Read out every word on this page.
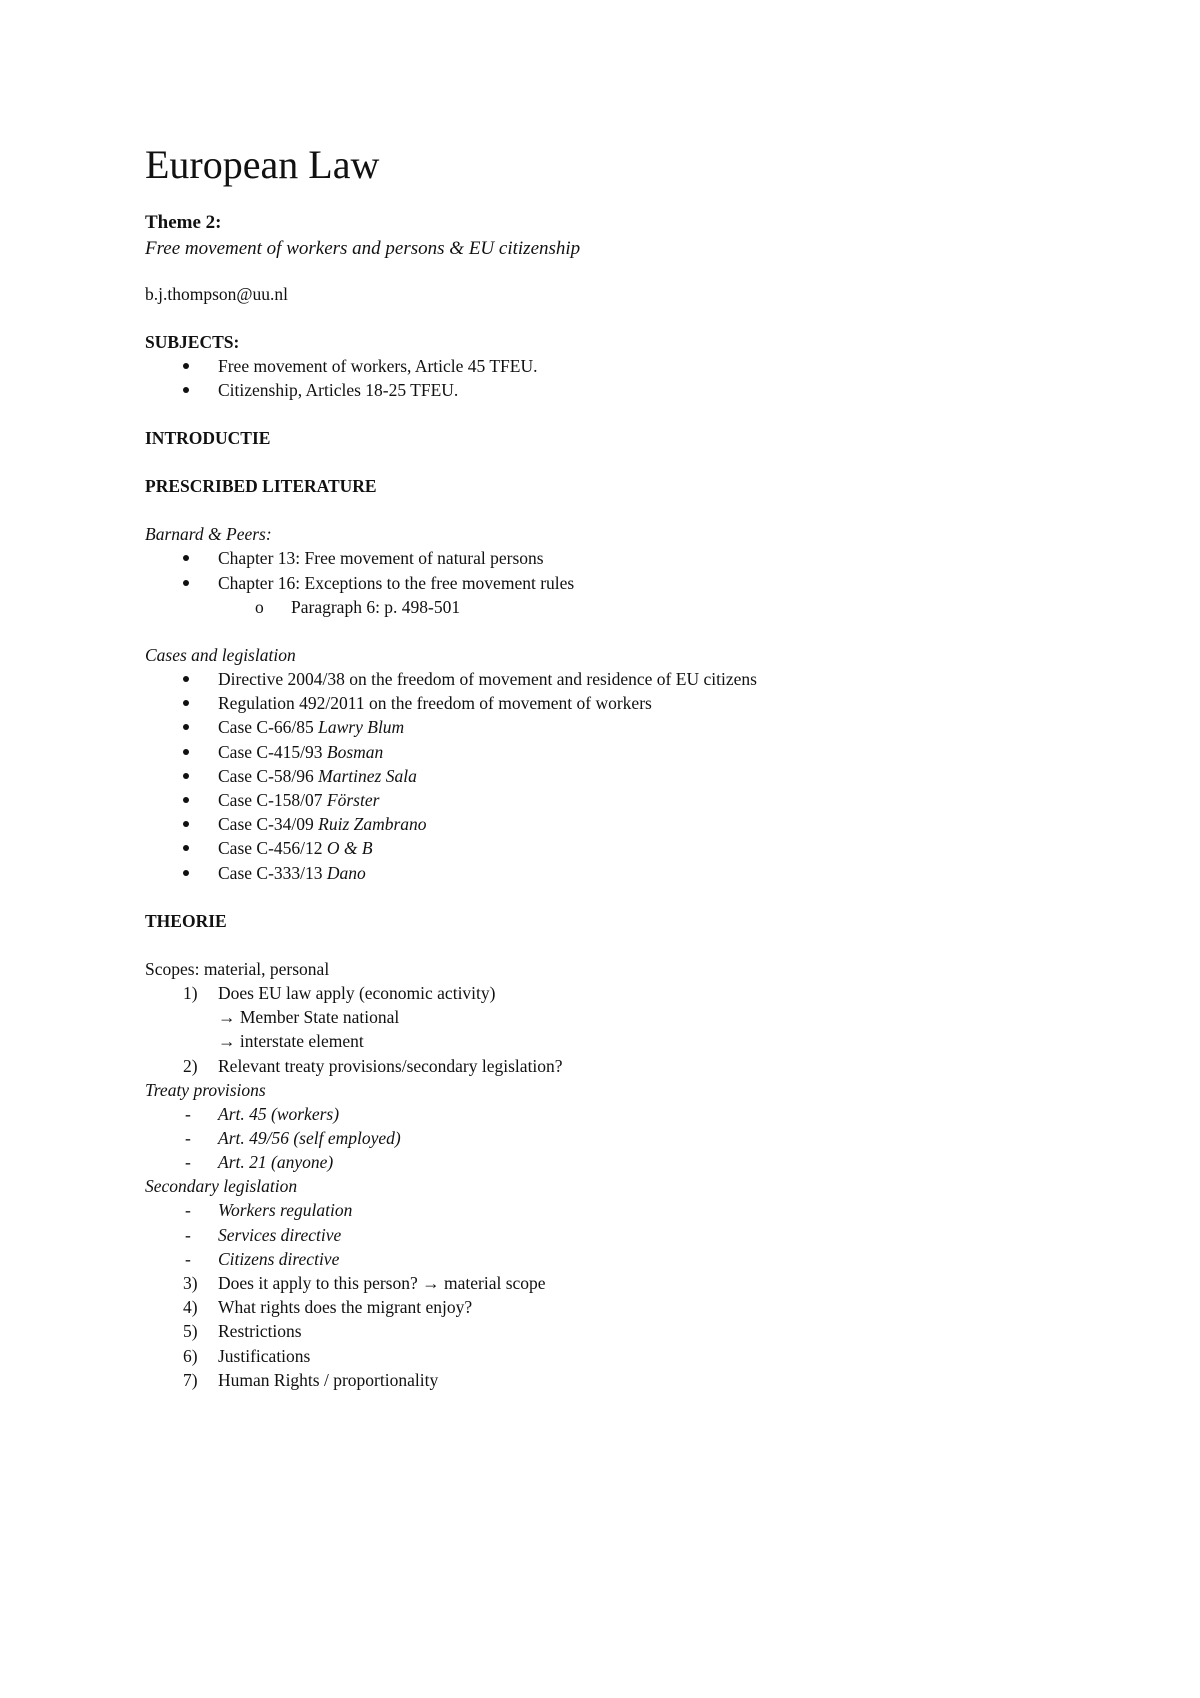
European Law
Theme 2:
Free movement of workers and persons & EU citizenship
b.j.thompson@uu.nl
SUBJECTS:
Free movement of workers, Article 45 TFEU.
Citizenship, Articles 18-25 TFEU.
INTRODUCTIE
PRESCRIBED LITERATURE
Barnard & Peers:
Chapter 13: Free movement of natural persons
Chapter 16: Exceptions to the free movement rules
o Paragraph 6: p. 498-501
Cases and legislation
Directive 2004/38 on the freedom of movement and residence of EU citizens
Regulation 492/2011 on the freedom of movement of workers
Case C-66/85 Lawry Blum
Case C-415/93 Bosman
Case C-58/96 Martinez Sala
Case C-158/07 Förster
Case C-34/09 Ruiz Zambrano
Case C-456/12 O & B
Case C-333/13 Dano
THEORIE
Scopes: material, personal
1) Does EU law apply (economic activity)
→ Member State national
→ interstate element
2) Relevant treaty provisions/secondary legislation?
Treaty provisions
- Art. 45 (workers)
- Art. 49/56 (self employed)
- Art. 21 (anyone)
Secondary legislation
- Workers regulation
- Services directive
- Citizens directive
3) Does it apply to this person? → material scope
4) What rights does the migrant enjoy?
5) Restrictions
6) Justifications
7) Human Rights / proportionality
